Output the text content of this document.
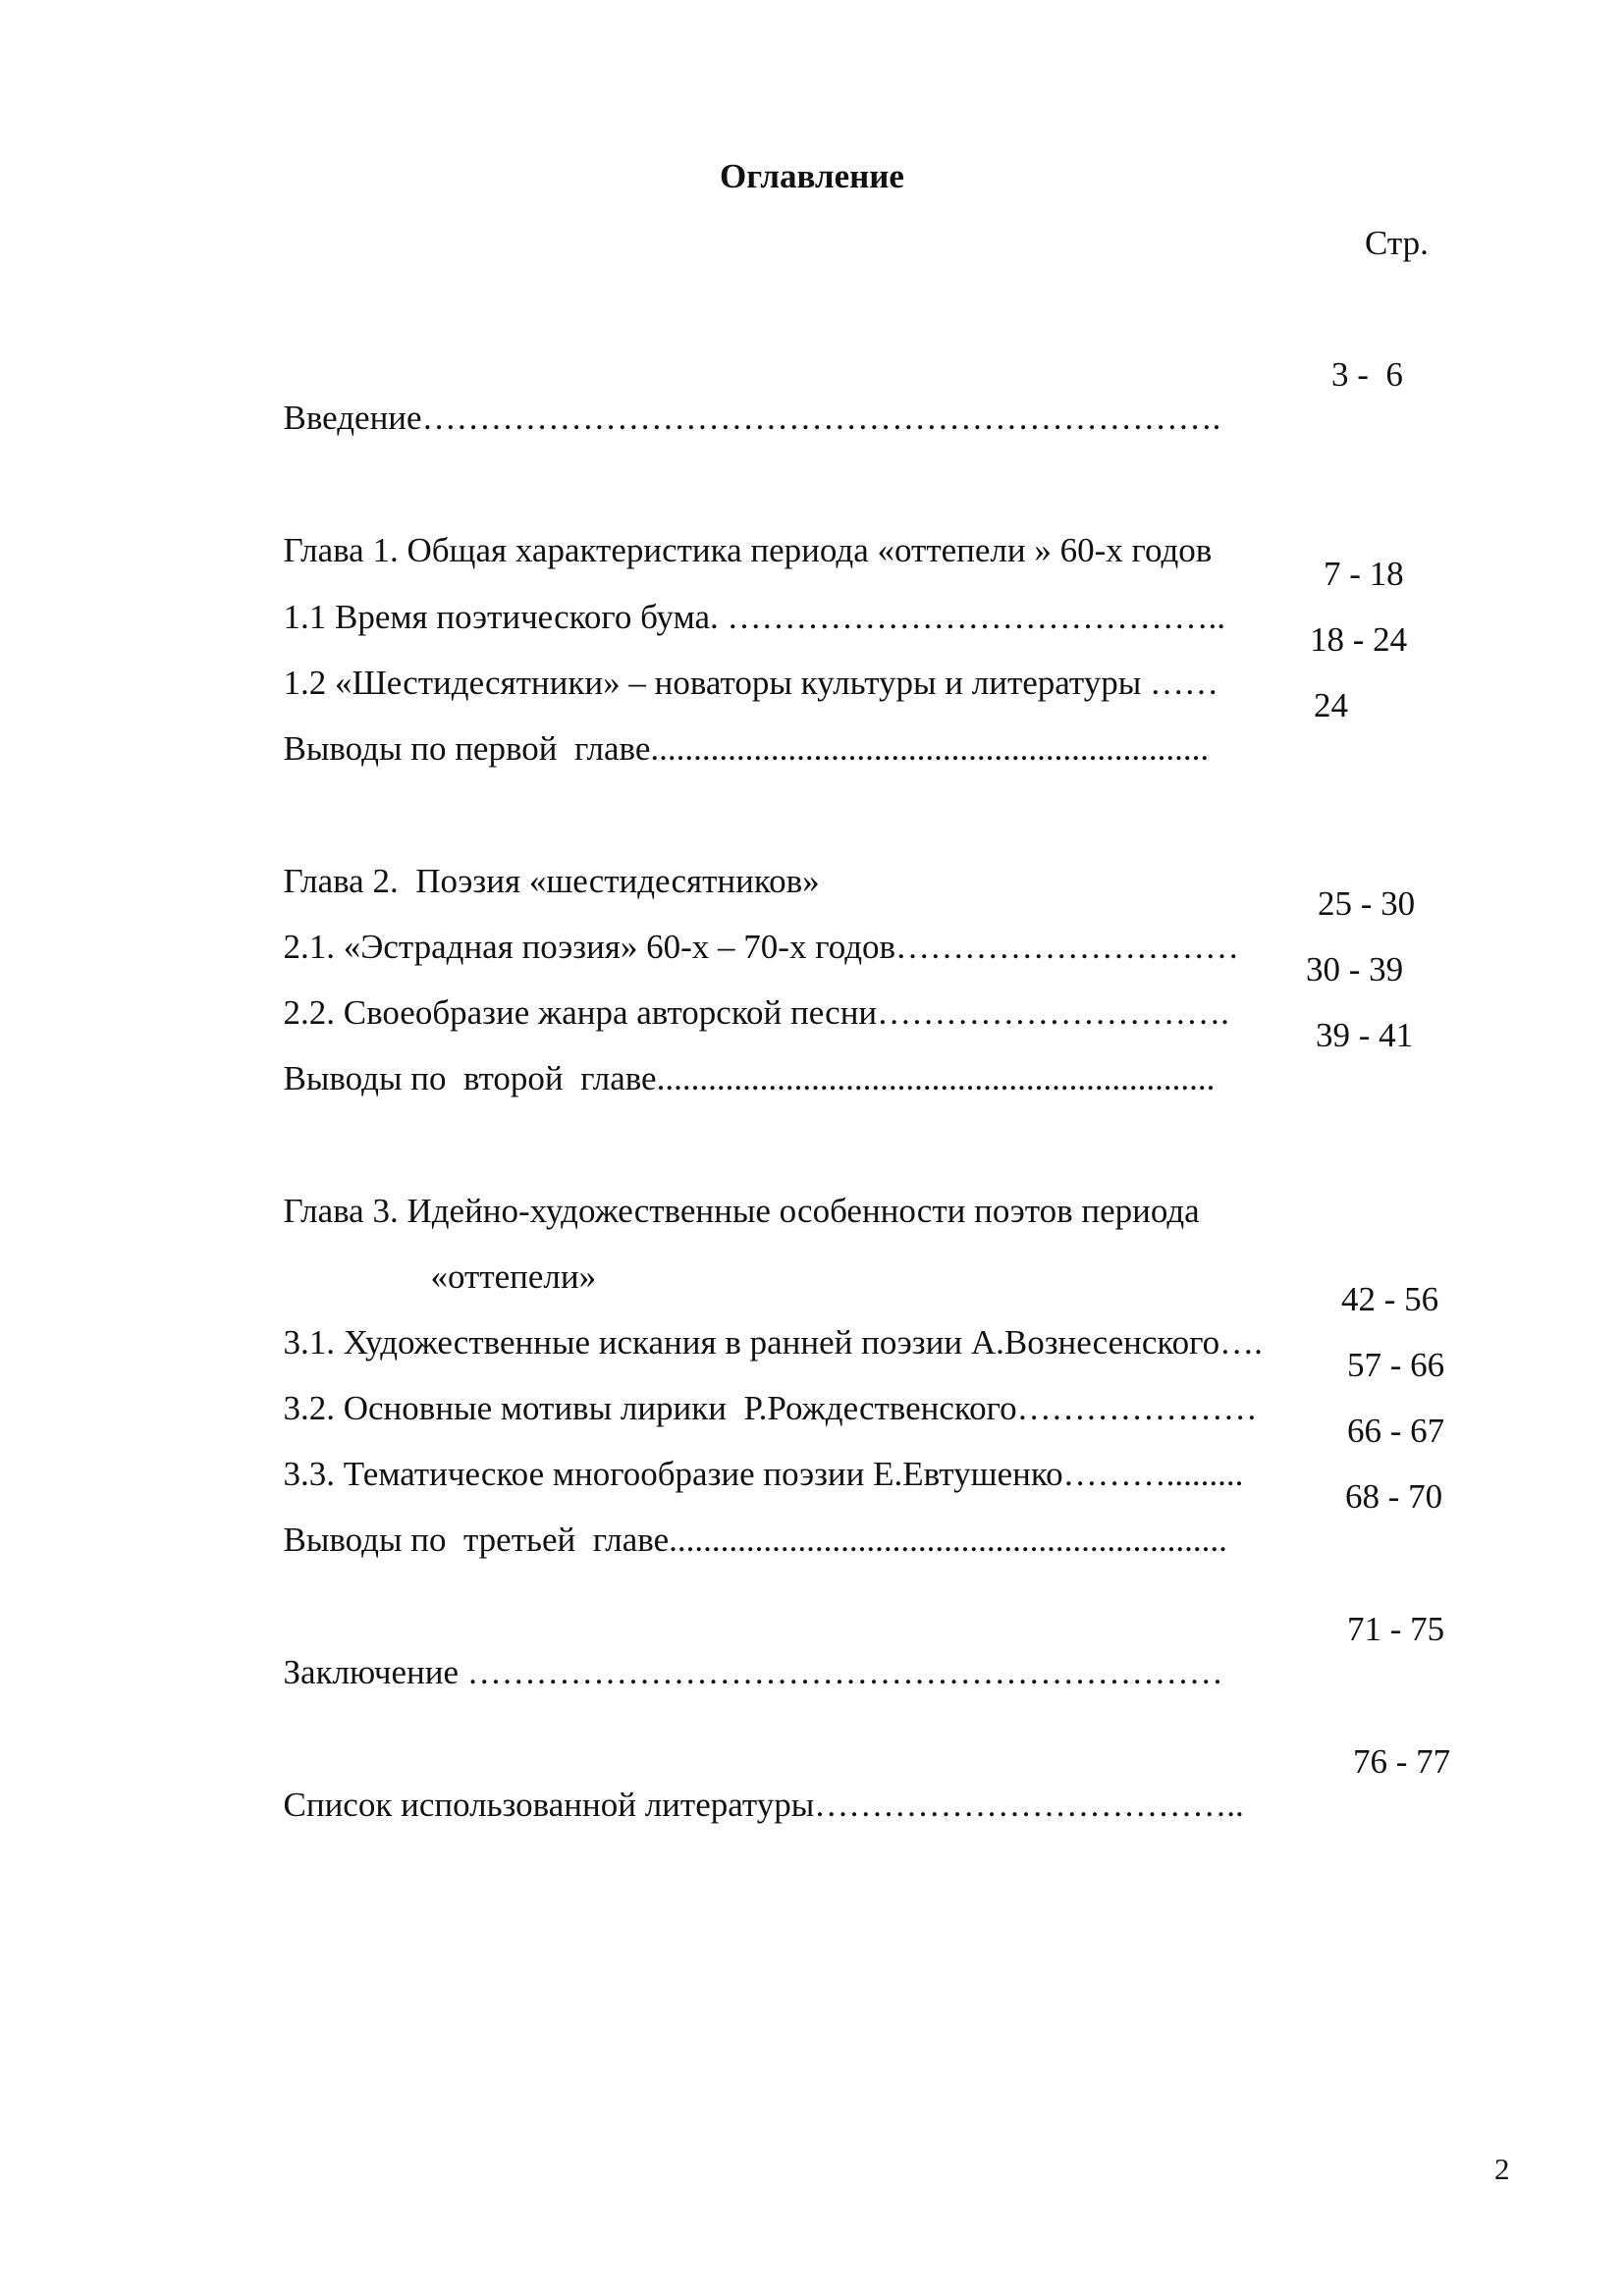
Оглавление
Стр.

Введение…………………………………………………………….

3 -  6

Глава 1. Общая характеристика периода «оттепели » 60-х годов

1.1 Время поэтического бума. ……………………………………..

7 - 18

1.2 «Шестидесятники» – новаторы культуры и литературы ……

18 - 24

Выводы по первой  главе.................................................................

24

Глава 2.  Поэзия «шестидесятников»

2.1. «Эстрадная поэзия» 60-х – 70-х годов…………………………

25 - 30

2.2. Своеобразие жанра авторской песни………………………….

30 - 39

Выводы по  второй  главе.................................................................

39 - 41

Глава 3. Идейно-художественные особенности поэтов периода

«оттепели»

3.1. Художественные искания в ранней поэзии А.Вознесенского….

42 - 56

3.2. Основные мотивы лирики  Р.Рождественского…………………

57 - 66

3.3. Тематическое многообразие поэзии Е.Евтушенко……….........

66 - 67

Выводы по  третьей  главе.................................................................

68 - 70

Заключение …………………………………………………………

71 - 75

Список использованной литературы………………………………..

76 - 77

2
